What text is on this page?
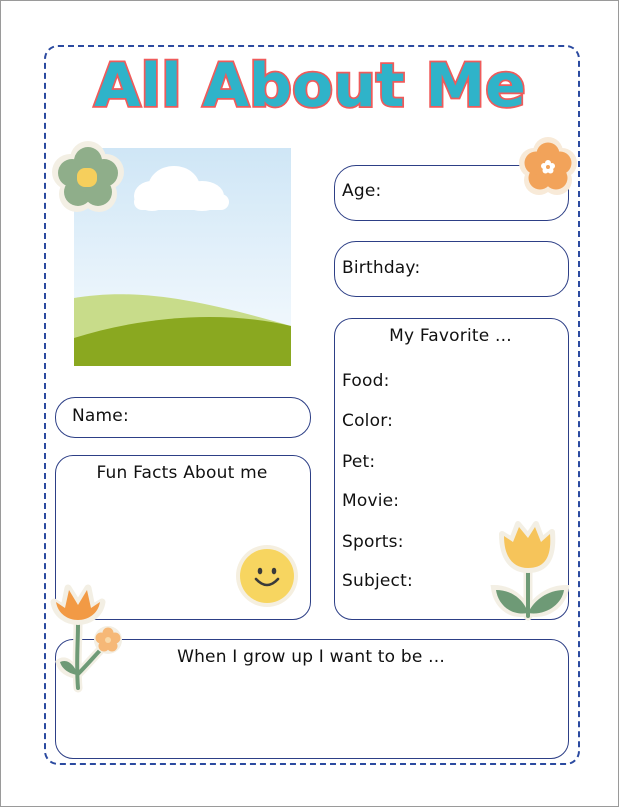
All About Me
Age:
Birthday:
My Favorite ...
Food:
Color:
Pet:
Movie:
Sports:
Subject:
Name:
Fun Facts About me
When I grow up I want to be ...
